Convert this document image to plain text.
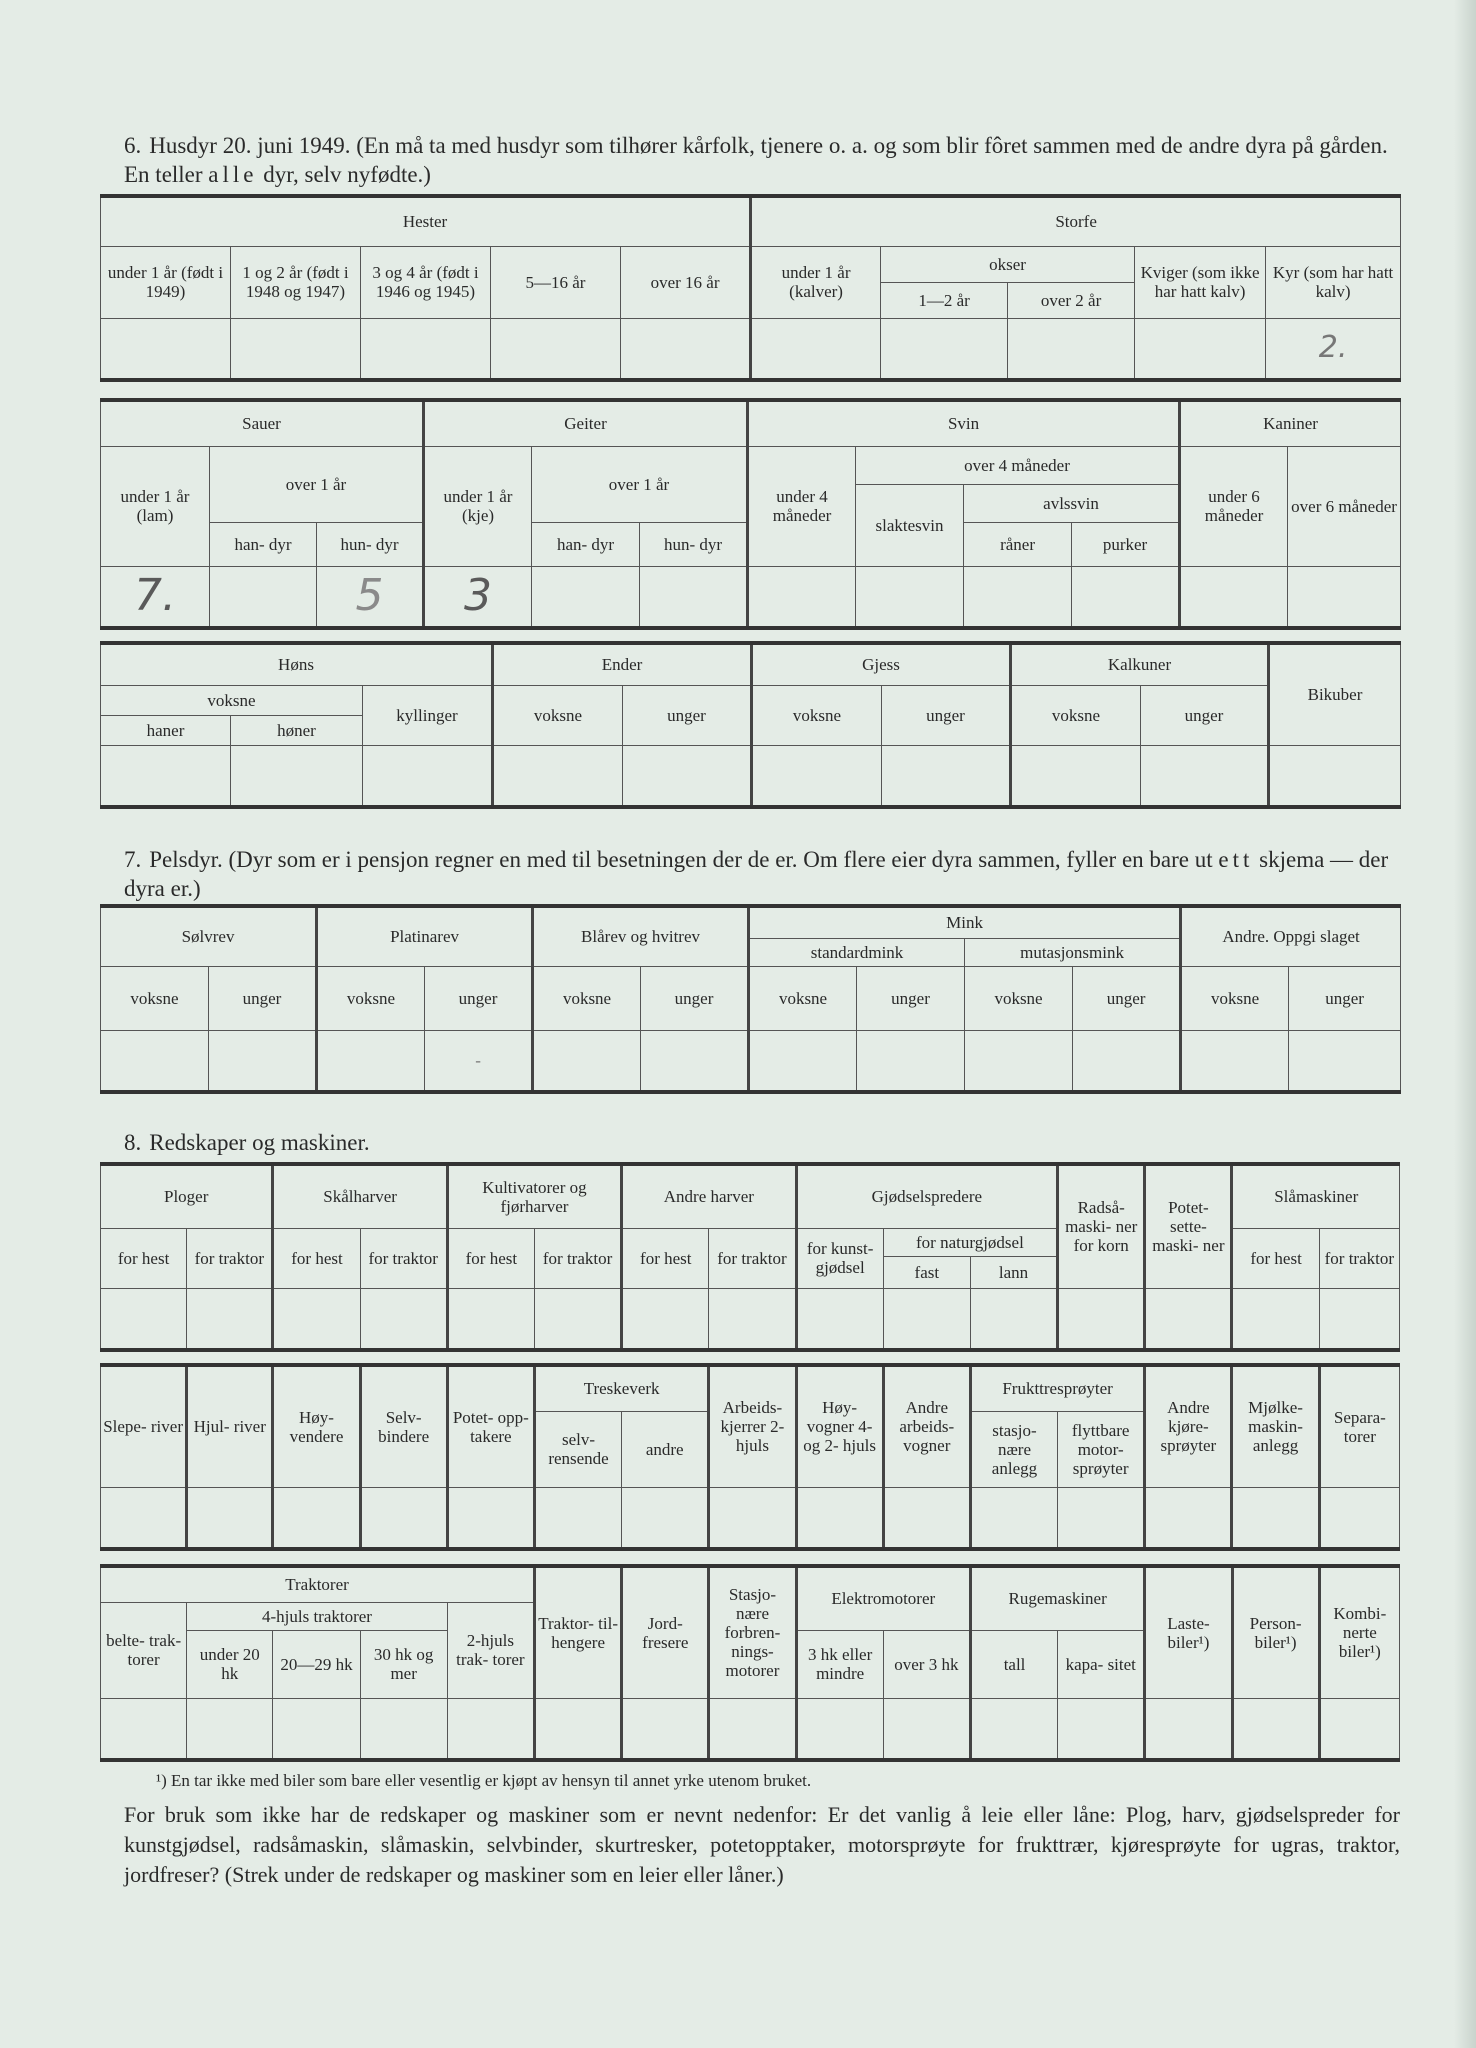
6. Husdyr 20. juni 1949. (En må ta med husdyr som tilhører kårfolk, tjenere o. a. og som blir fôret sammen med de andre dyra på gården. En teller alle dyr, selv nyfødte.)
Hester					Storfe				
under 1 år (født i 1949)	1 og 2 år (født i 1948 og 1947)	3 og 4 år (født i 1946 og 1945)	5—16 år	over 16 år	under 1 år (kalver)	okser		Kviger (som ikke har hatt kalv)	Kyr (som har hatt kalv)
						1—2 år	over 2 år		
									2.
Sauer			Geiter			Svin				Kaniner	
under 1 år (lam)	over 1 år		under 1 år (kje)	over 1 år		under 4 måneder	over 4 måneder			under 6 måneder	over 6 måneder
							slaktesvin	avlssvin			
	han- dyr	hun- dyr		han- dyr	hun- dyr			råner	purker		
7.		5	3								
Høns			Ender		Gjess		Kalkuner		Bikuber
voksne		kyllinger	voksne	unger	voksne	unger	voksne	unger	
haner	høner								

7. Pelsdyr. (Dyr som er i pensjon regner en med til besetningen der de er. Om flere eier dyra sammen, fyller en bare ut ett skjema — der dyra er.)
Sølvrev		Platinarev		Blårev og hvitrev		Mink				Andre. Oppgi slaget	
						standardmink		mutasjonsmink			
voksne	unger	voksne	unger	voksne	unger	voksne	unger	voksne	unger	voksne	unger
			-								
8. Redskaper og maskiner.
Ploger		Skålharver		Kultivatorer og fjørharver		Andre harver		Gjødselspredere			Radså- maski- ner for korn	Potet- sette- maski- ner	Slåmaskiner	
for hest	for traktor	for hest	for traktor	for hest	for traktor	for hest	for traktor	for kunst- gjødsel	for naturgjødsel				for hest	for traktor
									fast	lann				

Slepe- river	Hjul- river	Høy- vendere	Selv- bindere	Potet- opp- takere	Treskeverk		Arbeids- kjerrer 2-hjuls	Høy- vogner 4- og 2- hjuls	Andre arbeids- vogner	Frukttresprøyter		Andre kjøre- sprøyter	Mjølke- maskin- anlegg	Separa- torer
					selv- rensende	andre				stasjo- nære anlegg	flyttbare motor- sprøyter			

Traktorer					Traktor- til- hengere	Jord- fresere	Stasjo- nære forbren- nings- motorer	Elektromotorer		Rugemaskiner		Laste- biler¹)	Person- biler¹)	Kombi- nerte biler¹)
belte- trak- torer	4-hjuls traktorer			2-hjuls trak- torer										
	under 20 hk	20—29 hk	30 hk og mer					3 hk eller mindre	over 3 hk	tall	kapa- sitet			

¹) En tar ikke med biler som bare eller vesentlig er kjøpt av hensyn til annet yrke utenom bruket.
For bruk som ikke har de redskaper og maskiner som er nevnt nedenfor: Er det vanlig å leie eller låne: Plog, harv, gjødselspreder for kunstgjødsel, radsåmaskin, slåmaskin, selvbinder, skurtresker, potetopptaker, motorsprøyte for frukttrær, kjøresprøyte for ugras, traktor, jordfreser? (Strek under de redskaper og maskiner som en leier eller låner.)
